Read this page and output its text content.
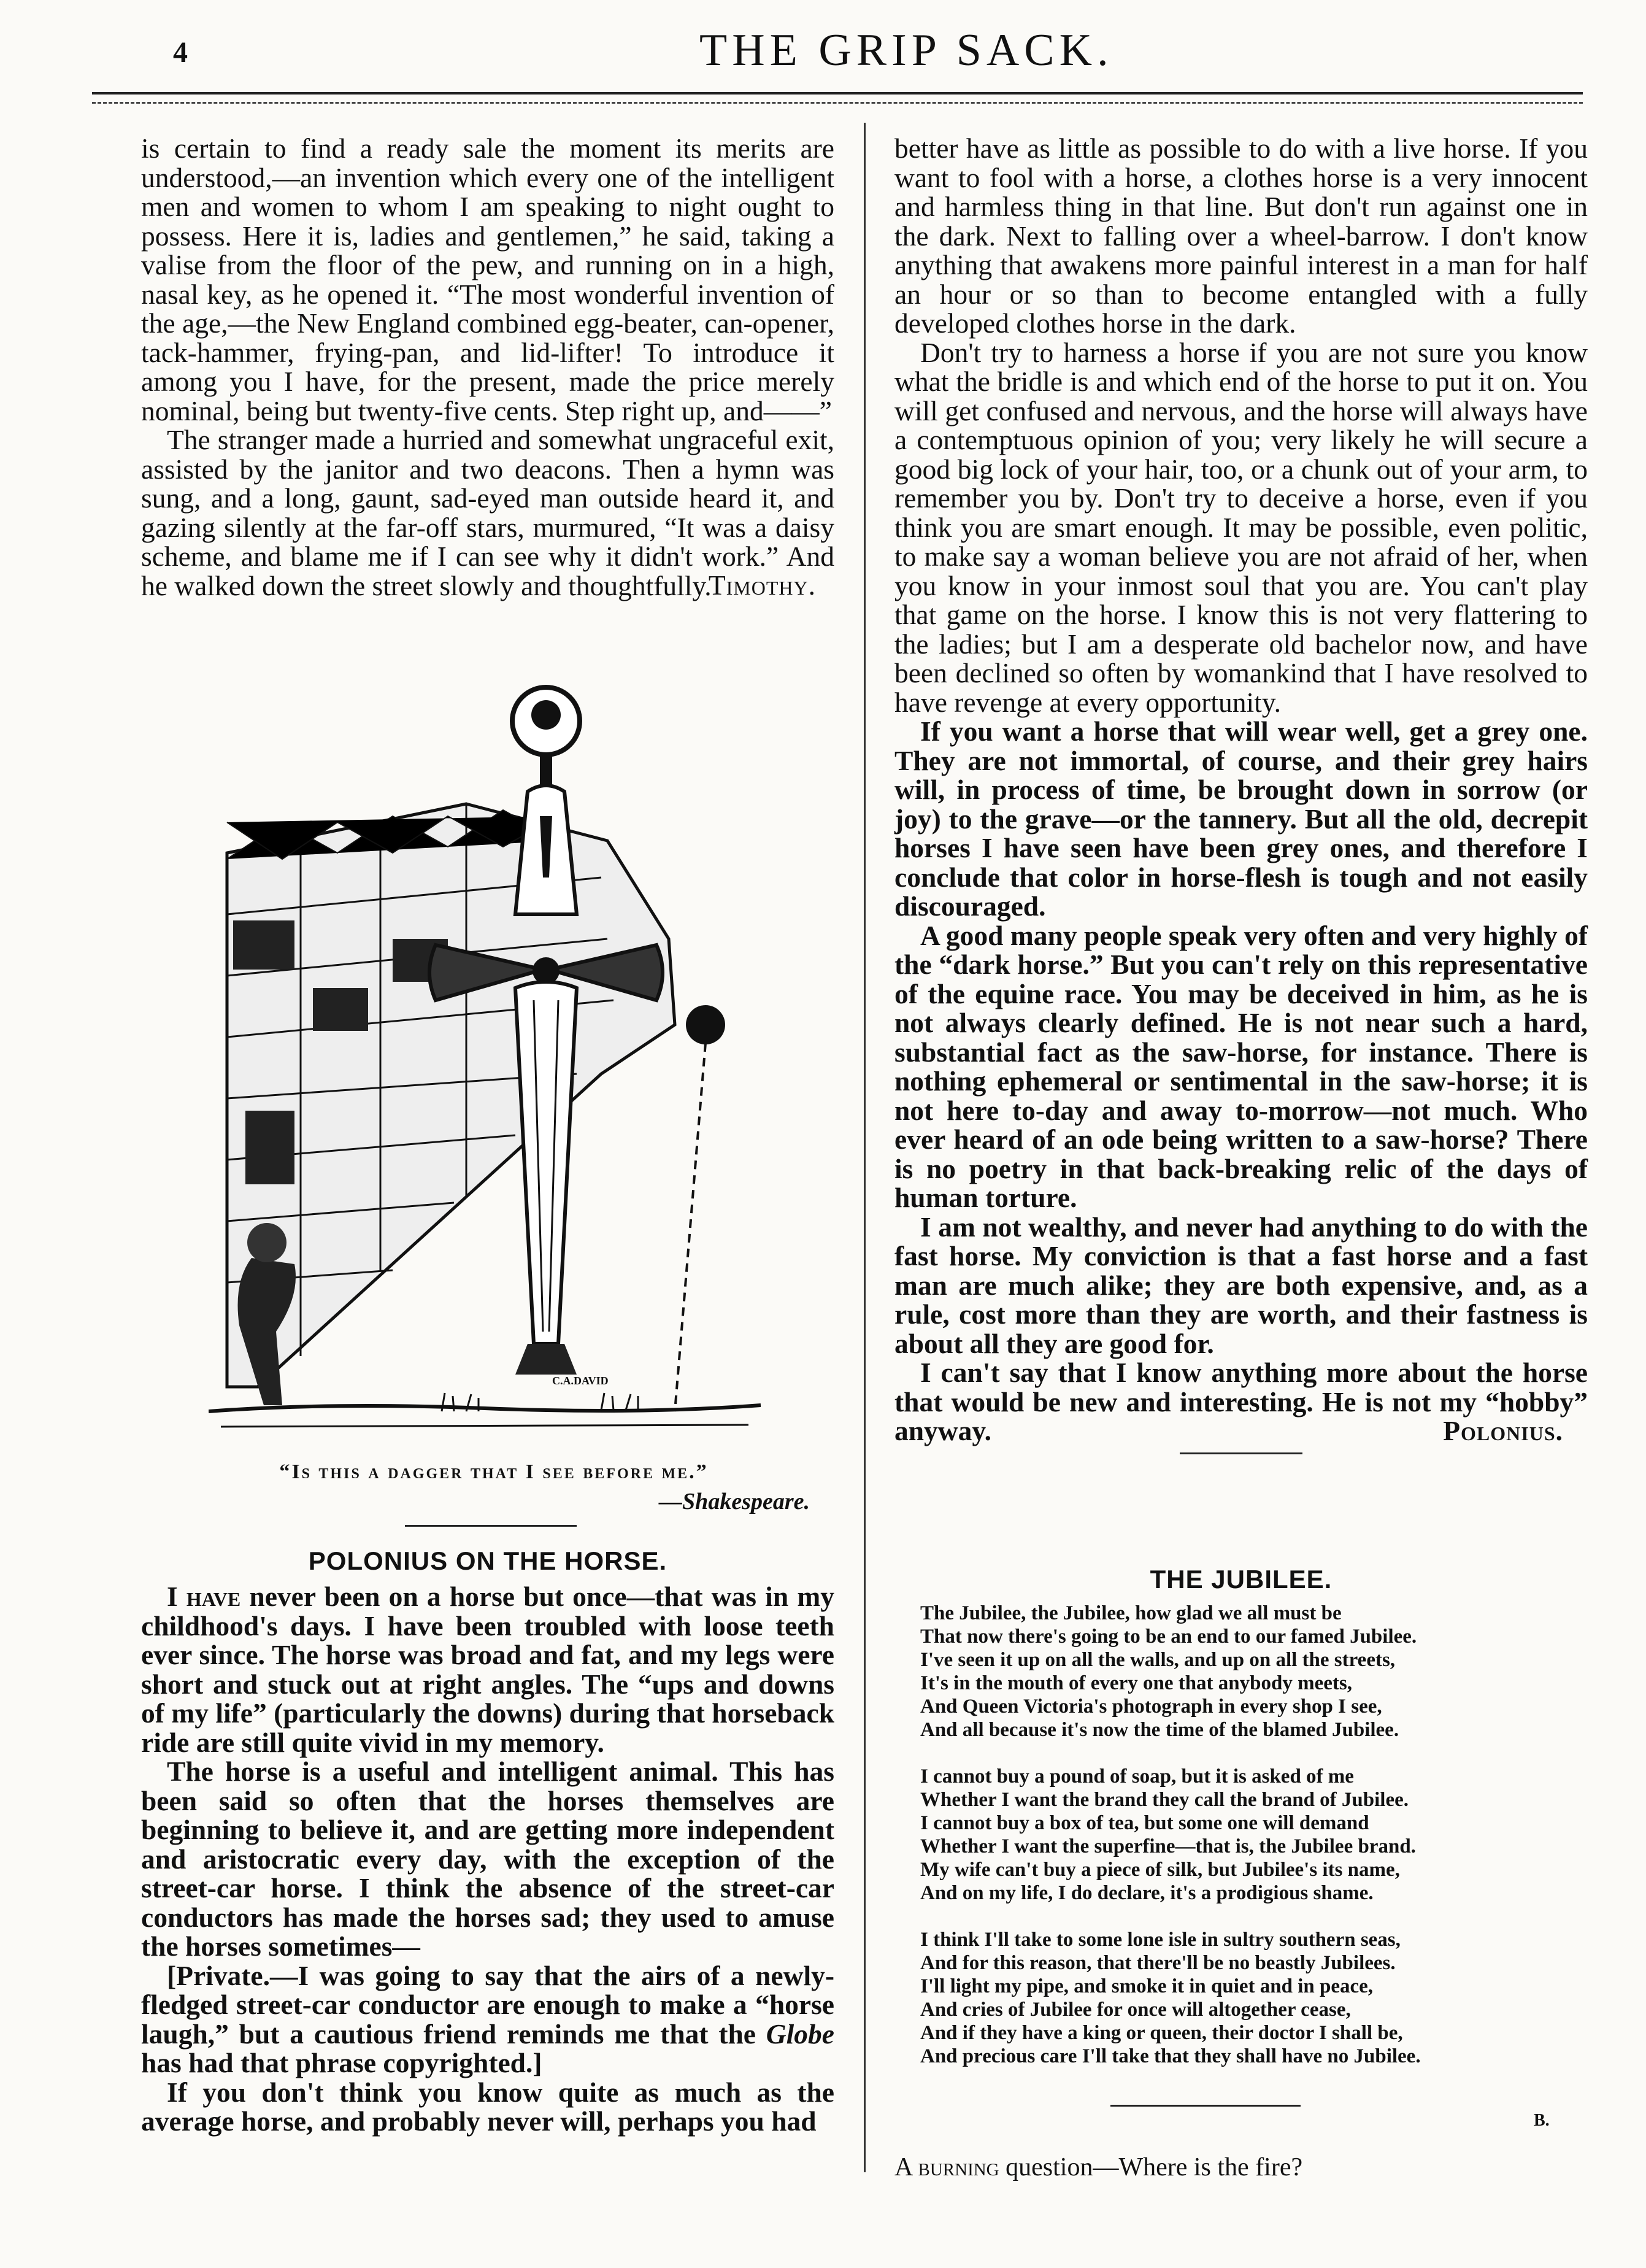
4	THE GRIP SACK.

is certain to find a ready sale the moment its merits are understood,—an invention which every one of the intelligent men and women to whom I am speaking to night ought to possess. Here it is, ladies and gentlemen,” he said, taking a valise from the floor of the pew, and running on in a high, nasal key, as he opened it. “The most wonderful invention of the age,—the New England combined egg-beater, can-opener, tack-hammer, frying-pan, and lid-lifter! To introduce it among you I have, for the present, made the price merely nominal, being but twenty-five cents. Step right up, and——”

The stranger made a hurried and somewhat ungraceful exit, assisted by the janitor and two deacons. Then a hymn was sung, and a long, gaunt, sad-eyed man outside heard it, and gazing silently at the far-off stars, murmured, “It was a daisy scheme, and blame me if I can see why it didn't work.” And he walked down the street slowly and thoughtfully.

Timothy.
C.A.DAVID
“Is this a dagger that I see before me.”
—Shakespeare.
POLONIUS ON THE HORSE.

I have never been on a horse but once—that was in my childhood's days. I have been troubled with loose teeth ever since. The horse was broad and fat, and my legs were short and stuck out at right angles. The “ups and downs of my life” (particularly the downs) during that horseback ride are still quite vivid in my memory.

The horse is a useful and intelligent animal. This has been said so often that the horses themselves are beginning to believe it, and are getting more independent and aristocratic every day, with the exception of the street-car horse. I think the absence of the street-car conductors has made the horses sad; they used to amuse the horses sometimes—

[Private.—I was going to say that the airs of a newly-fledged street-car conductor are enough to make a “horse laugh,” but a cautious friend reminds me that the Globe has had that phrase copyrighted.]

If you don't think you know quite as much as the average horse, and probably never will, perhaps you had

better have as little as possible to do with a live horse. If you want to fool with a horse, a clothes horse is a very innocent and harmless thing in that line. But don't run against one in the dark. Next to falling over a wheel-barrow. I don't know anything that awakens more painful interest in a man for half an hour or so than to become entangled with a fully developed clothes horse in the dark.

Don't try to harness a horse if you are not sure you know what the bridle is and which end of the horse to put it on. You will get confused and nervous, and the horse will always have a contemptuous opinion of you; very likely he will secure a good big lock of your hair, too, or a chunk out of your arm, to remember you by. Don't try to deceive a horse, even if you think you are smart enough. It may be possible, even politic, to make say a woman believe you are not afraid of her, when you know in your inmost soul that you are. You can't play that game on the horse. I know this is not very flattering to the ladies; but I am a desperate old bachelor now, and have been declined so often by womankind that I have resolved to have revenge at every opportunity.

If you want a horse that will wear well, get a grey one. They are not immortal, of course, and their grey hairs will, in process of time, be brought down in sorrow (or joy) to the grave—or the tannery. But all the old, decrepit horses I have seen have been grey ones, and therefore I conclude that color in horse-flesh is tough and not easily discouraged.

A good many people speak very often and very highly of the “dark horse.” But you can't rely on this representative of the equine race. You may be deceived in him, as he is not always clearly defined. He is not near such a hard, substantial fact as the saw-horse, for instance. There is nothing ephemeral or sentimental in the saw-horse; it is not here to-day and away to-morrow—not much. Who ever heard of an ode being written to a saw-horse? There is no poetry in that back-breaking relic of the days of human torture.

I am not wealthy, and never had anything to do with the fast horse. My conviction is that a fast horse and a fast man are much alike; they are both expensive, and, as a rule, cost more than they are worth, and their fastness is about all they are good for.

I can't say that I know anything more about the horse that would be new and interesting. He is not my “hobby” anyway.	Polonius.
THE JUBILEE.
The Jubilee, the Jubilee, how glad we all must be
That now there's going to be an end to our famed Jubilee.
I've seen it up on all the walls, and up on all the streets,
It's in the mouth of every one that anybody meets,
And Queen Victoria's photograph in every shop I see,
And all because it's now the time of the blamed Jubilee.
I cannot buy a pound of soap, but it is asked of me
Whether I want the brand they call the brand of Jubilee.
I cannot buy a box of tea, but some one will demand
Whether I want the superfine—that is, the Jubilee brand.
My wife can't buy a piece of silk, but Jubilee's its name,
And on my life, I do declare, it's a prodigious shame.
I think I'll take to some lone isle in sultry southern seas,
And for this reason, that there'll be no beastly Jubilees.
I'll light my pipe, and smoke it in quiet and in peace,
And cries of Jubilee for once will altogether cease,
And if they have a king or queen, their doctor I shall be,
And precious care I'll take that they shall have no Jubilee.
B.
A burning question—Where is the fire?
